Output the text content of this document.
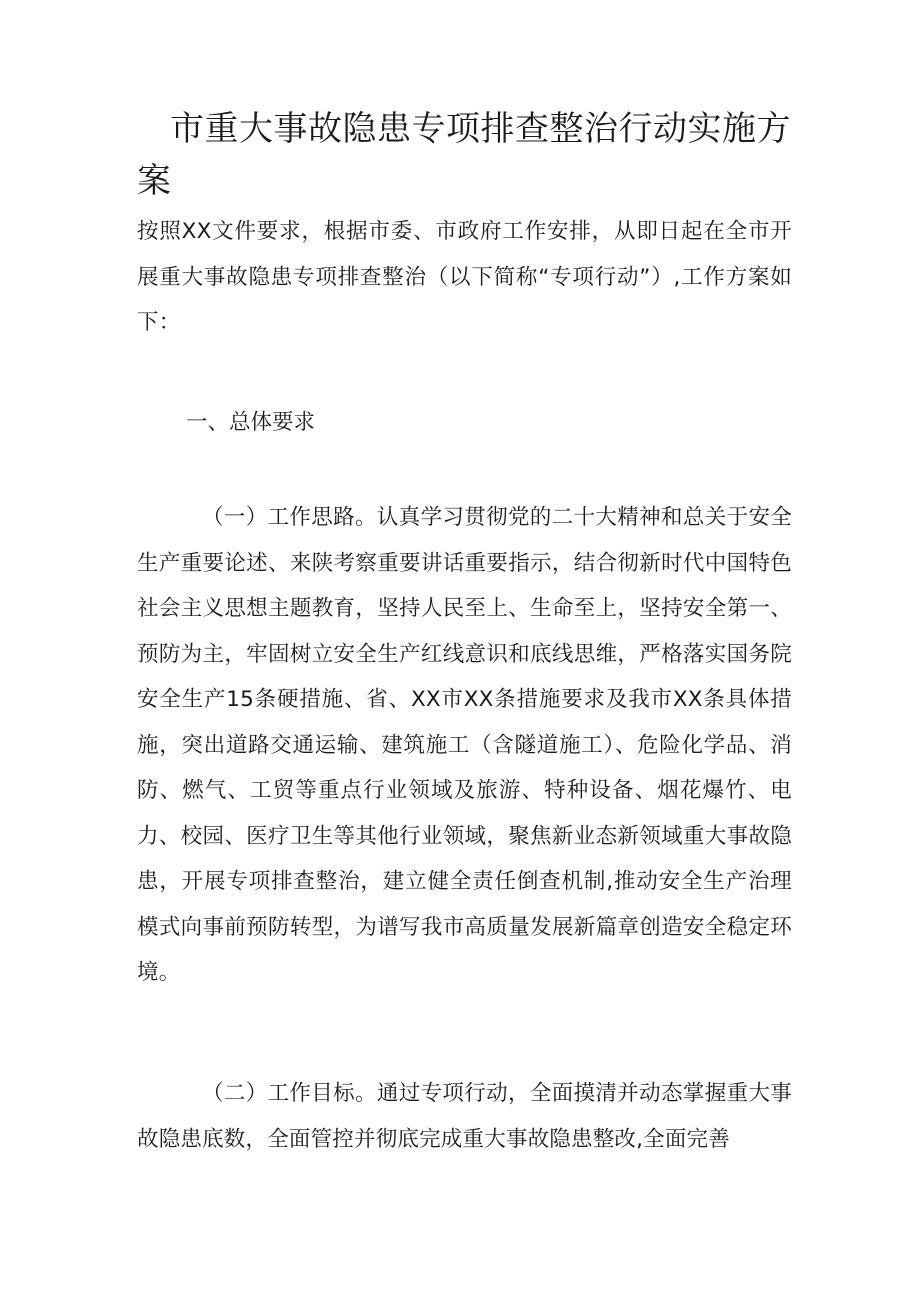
市重大事故隐患专项排查整治行动实施方案

按照XX文件要求，根据市委、市政府工作安排，从即日起在全市开展重大事故隐患专项排查整治（以下简称“专项行动”）,工作方案如下：

一、总体要求

（一）工作思路。认真学习贯彻党的二十大精神和总关于安全生产重要论述、来陕考察重要讲话重要指示，结合彻新时代中国特色社会主义思想主题教育，坚持人民至上、生命至上，坚持安全第一、预防为主，牢固树立安全生产红线意识和底线思维，严格落实国务院安全生产15条硬措施、省、XX市XX条措施要求及我市XX条具体措施，突出道路交通运输、建筑施工（含隧道施工）、危险化学品、消防、燃气、工贸等重点行业领域及旅游、特种设备、烟花爆竹、电力、校园、医疗卫生等其他行业领域，聚焦新业态新领域重大事故隐患，开展专项排查整治，建立健全责任倒查机制,推动安全生产治理模式向事前预防转型，为谱写我市高质量发展新篇章创造安全稳定环境。

（二）工作目标。通过专项行动，全面摸清并动态掌握重大事故隐患底数，全面管控并彻底完成重大事故隐患整改,全面完善
